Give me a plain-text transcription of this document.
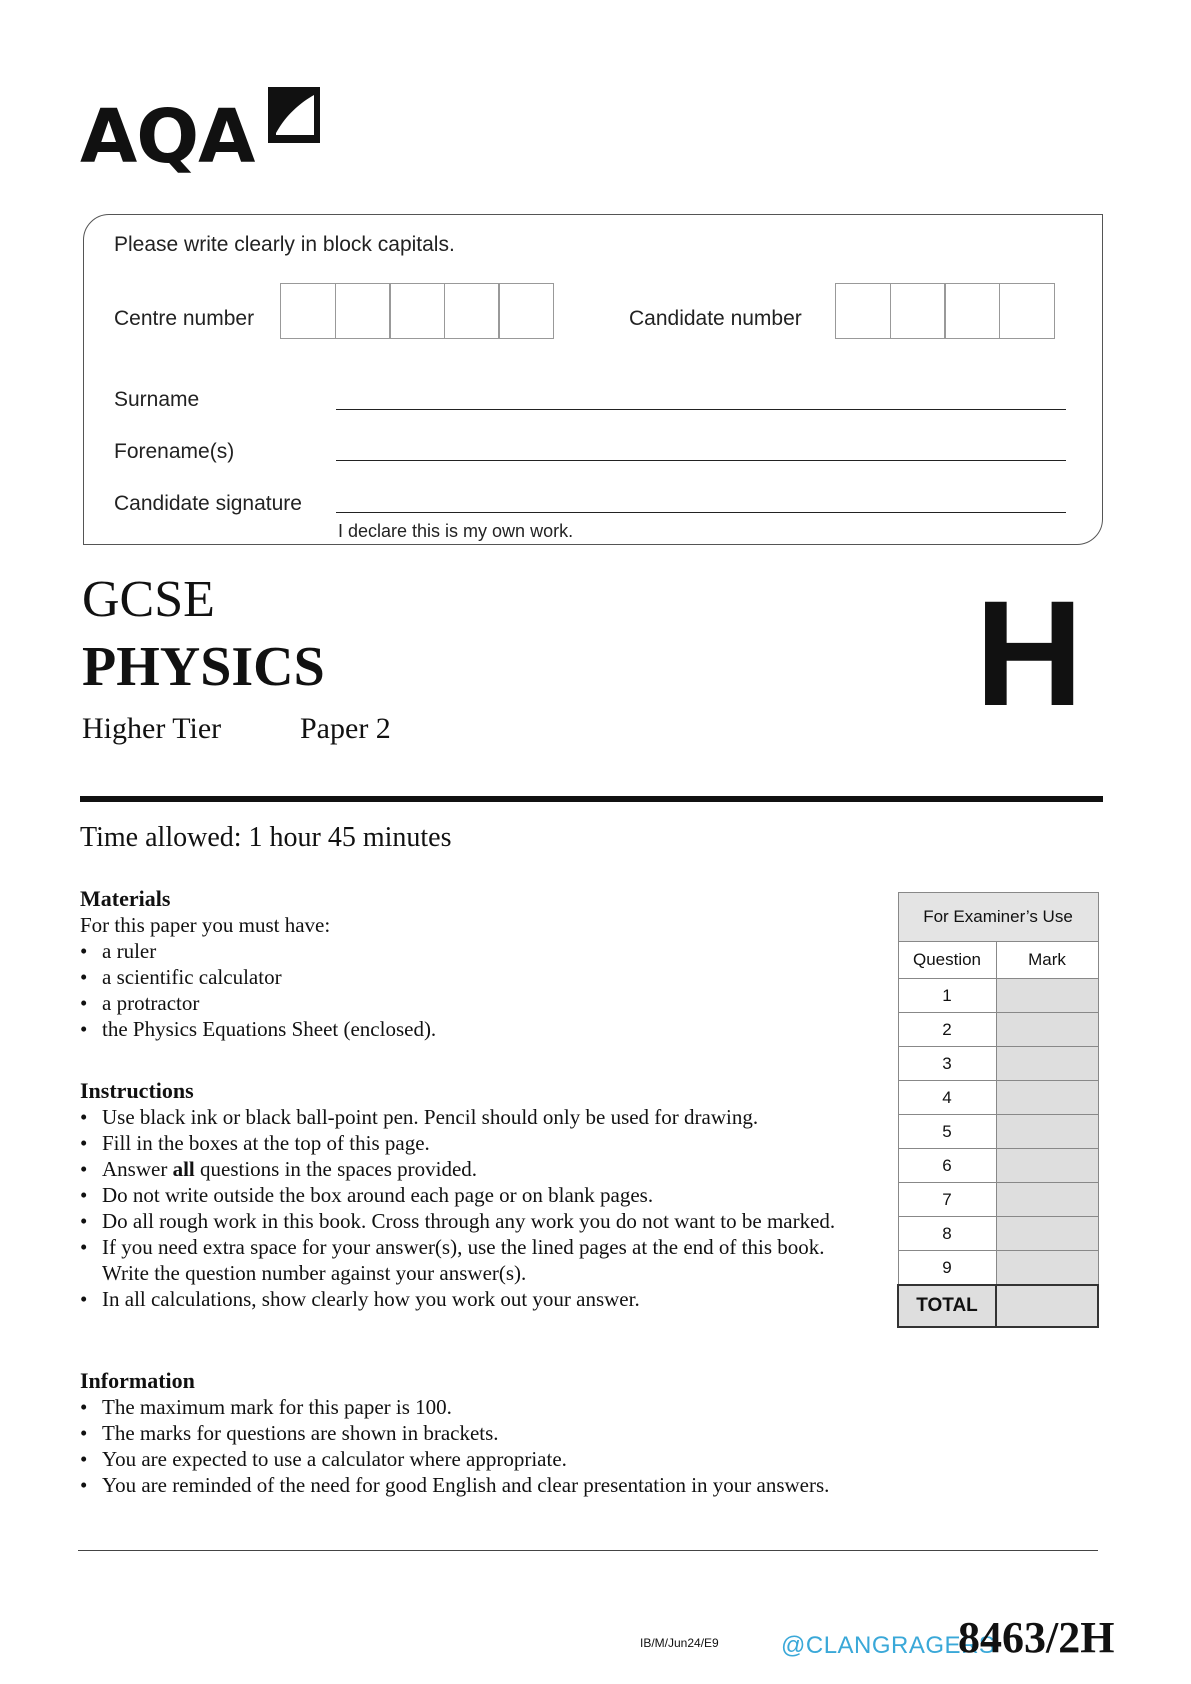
AQA
Please write clearly in block capitals.
Centre number	Candidate number
Surname
Forename(s)
Candidate signature
I declare this is my own work.
GCSE
PHYSICS
Higher Tier	Paper 2	H
Time allowed: 1 hour 45 minutes
Materials

For this paper you must have:

• a ruler
• a scientific calculator
• a protractor
• the Physics Equations Sheet (enclosed).
Instructions
• Use black ink or black ball-point pen. Pencil should only be used for drawing.
• Fill in the boxes at the top of this page.
• Answer all questions in the spaces provided.
• Do not write outside the box around each page or on blank pages.
• Do all rough work in this book. Cross through any work you do not want to be marked.
• If you need extra space for your answer(s), use the lined pages at the end of this book. Write the question number against your answer(s).
• In all calculations, show clearly how you work out your answer.
Information
• The maximum mark for this paper is 100.
• The marks for questions are shown in brackets.
• You are expected to use a calculator where appropriate.
• You are reminded of the need for good English and clear presentation in your answers.
For Examiner’s Use	
Question	Mark
1	
2	
3	
4	
5	
6	
7	
8	
9	
TOTAL	
IB/M/Jun24/E9	@CLANGRAGERS
8463/2H
